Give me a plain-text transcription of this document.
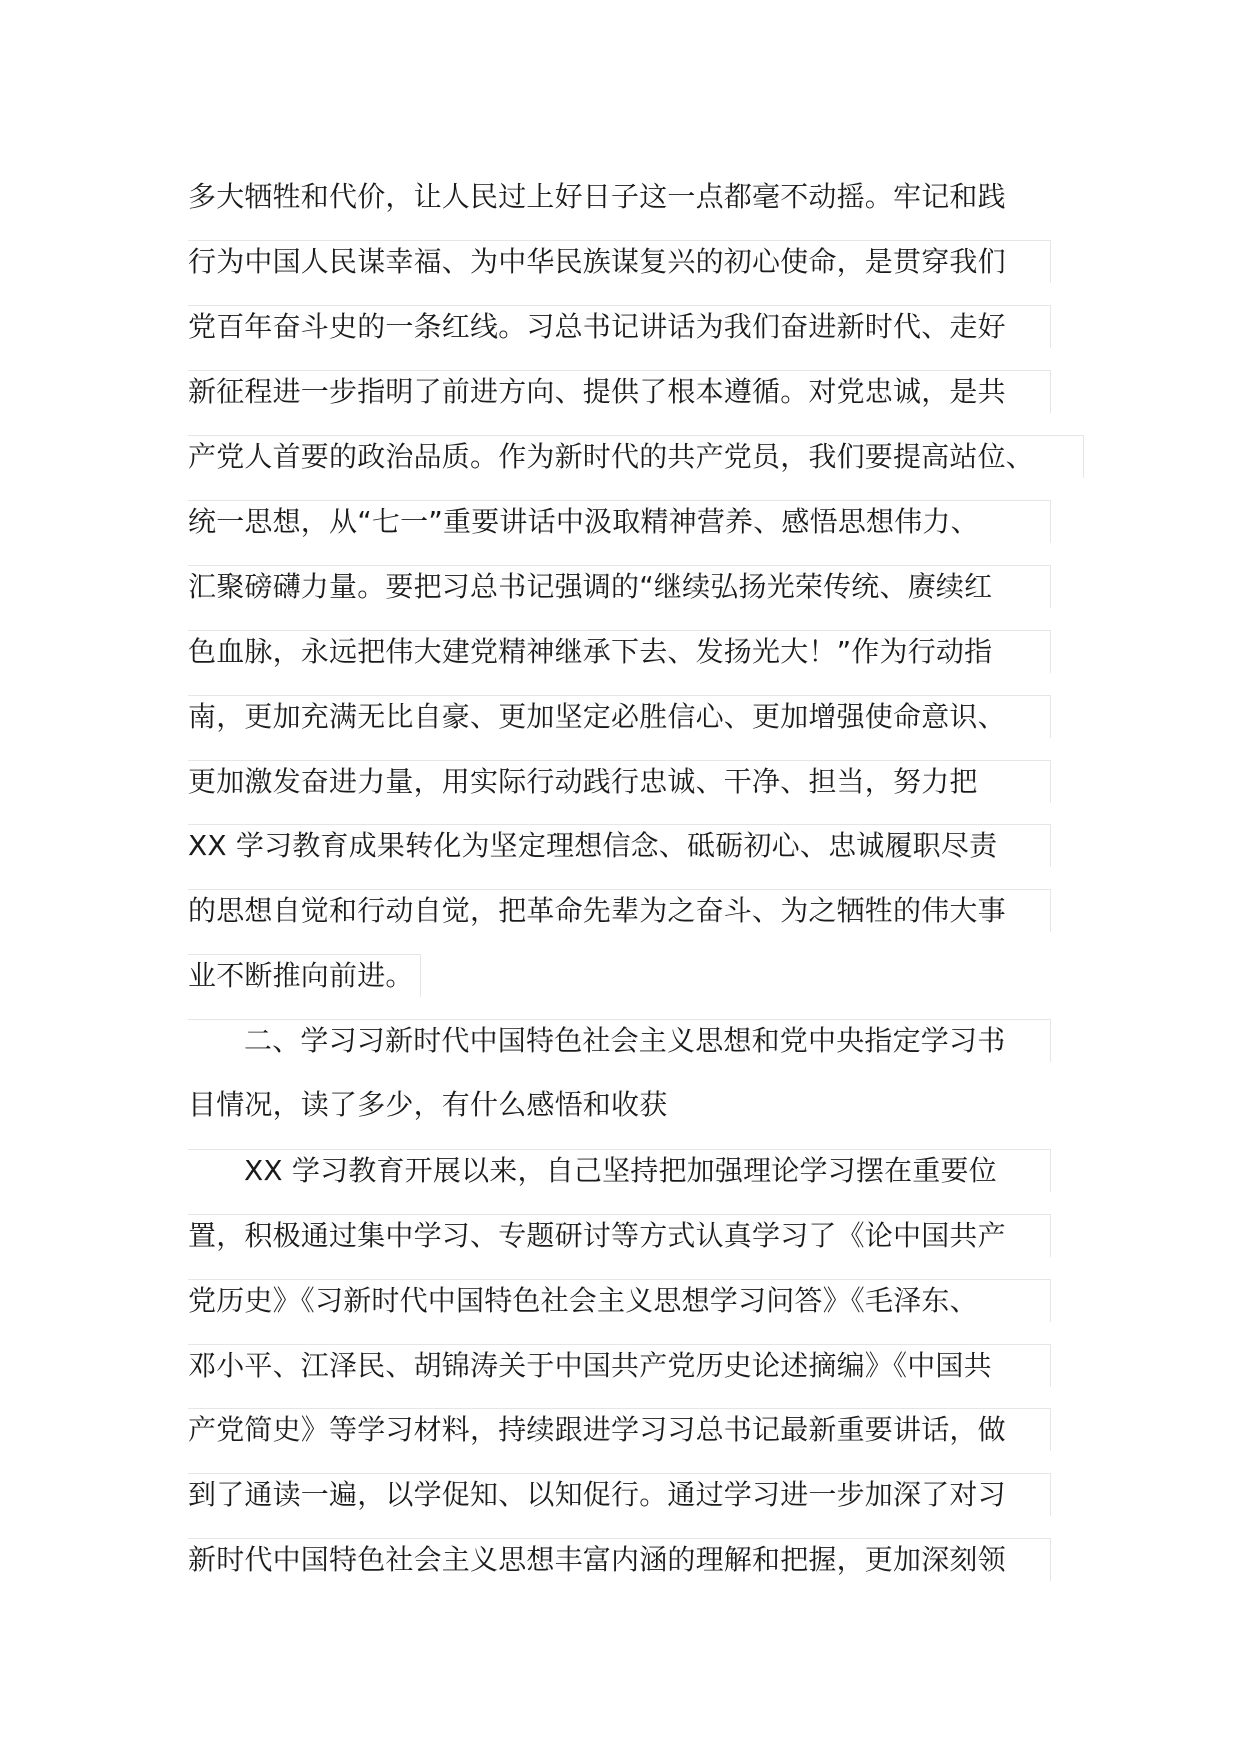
多大牺牲和代价，让人民过上好日子这一点都毫不动摇。牢记和践
行为中国人民谋幸福、为中华民族谋复兴的初心使命，是贯穿我们
党百年奋斗史的一条红线。习总书记讲话为我们奋进新时代、走好
新征程进一步指明了前进方向、提供了根本遵循。对党忠诚，是共
产党人首要的政治品质。作为新时代的共产党员，我们要提高站位、
统一思想，从“七一”重要讲话中汲取精神营养、感悟思想伟力、
汇聚磅礴力量。要把习总书记强调的“继续弘扬光荣传统、赓续红
色血脉，永远把伟大建党精神继承下去、发扬光大！”作为行动指
南，更加充满无比自豪、更加坚定必胜信心、更加增强使命意识、
更加激发奋进力量，用实际行动践行忠诚、干净、担当，努力把
XX 学习教育成果转化为坚定理想信念、砥砺初心、忠诚履职尽责
的思想自觉和行动自觉，把革命先辈为之奋斗、为之牺牲的伟大事
业不断推向前进。
二、学习习新时代中国特色社会主义思想和党中央指定学习书
目情况，读了多少，有什么感悟和收获
XX 学习教育开展以来，自己坚持把加强理论学习摆在重要位
置，积极通过集中学习、专题研讨等方式认真学习了《论中国共产
党历史》《习新时代中国特色社会主义思想学习问答》《毛泽东、
邓小平、江泽民、胡锦涛关于中国共产党历史论述摘编》《中国共
产党简史》等学习材料，持续跟进学习习总书记最新重要讲话，做
到了通读一遍，以学促知、以知促行。通过学习进一步加深了对习
新时代中国特色社会主义思想丰富内涵的理解和把握，更加深刻领
